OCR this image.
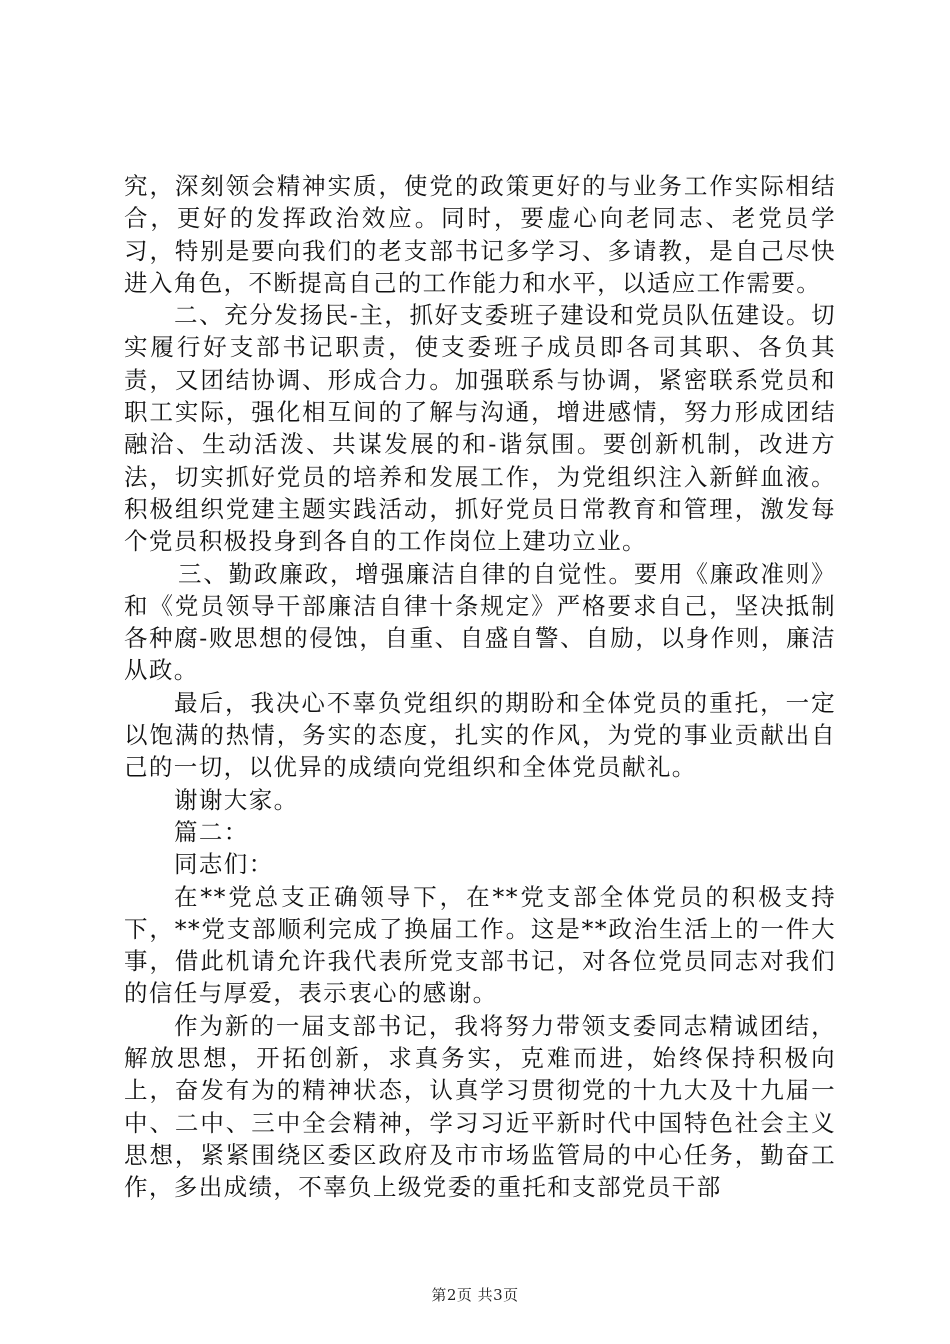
究，深刻领会精神实质，使党的政策更好的与业务工作实际相结合，更好的发挥政治效应。同时，要虚心向老同志、老党员学习，特别是要向我们的老支部书记多学习、多请教，是自己尽快进入角色，不断提高自己的工作能力和水平，以适应工作需要。

二、充分发扬民-主，抓好支委班子建设和党员队伍建设。切实履行好支部书记职责，使支委班子成员即各司其职、各负其责，又团结协调、形成合力。加强联系与协调，紧密联系党员和职工实际，强化相互间的了解与沟通，增进感情，努力形成团结融洽、生动活泼、共谋发展的和-谐氛围。要创新机制，改进方法，切实抓好党员的培养和发展工作，为党组织注入新鲜血液。积极组织党建主题实践活动，抓好党员日常教育和管理，激发每个党员积极投身到各自的工作岗位上建功立业。

三、勤政廉政，增强廉洁自律的自觉性。要用《廉政准则》和《党员领导干部廉洁自律十条规定》严格要求自己，坚决抵制各种腐-败思想的侵蚀，自重、自盛自警、自励，以身作则，廉洁从政。

最后，我决心不辜负党组织的期盼和全体党员的重托，一定以饱满的热情，务实的态度，扎实的作风，为党的事业贡献出自己的一切，以优异的成绩向党组织和全体党员献礼。

谢谢大家。

篇二：

同志们：

在**党总支正确领导下，在**党支部全体党员的积极支持下，**党支部顺利完成了换届工作。这是**政治生活上的一件大事，借此机请允许我代表所党支部书记，对各位党员同志对我们的信任与厚爱，表示衷心的感谢。

作为新的一届支部书记，我将努力带领支委同志精诚团结，解放思想，开拓创新，求真务实，克难而进，始终保持积极向上，奋发有为的精神状态，认真学习贯彻党的十九大及十九届一中、二中、三中全会精神，学习习近平新时代中国特色社会主义思想，紧紧围绕区委区政府及市市场监管局的中心任务，勤奋工作，多出成绩，不辜负上级党委的重托和支部党员干部

第2页 共3页
